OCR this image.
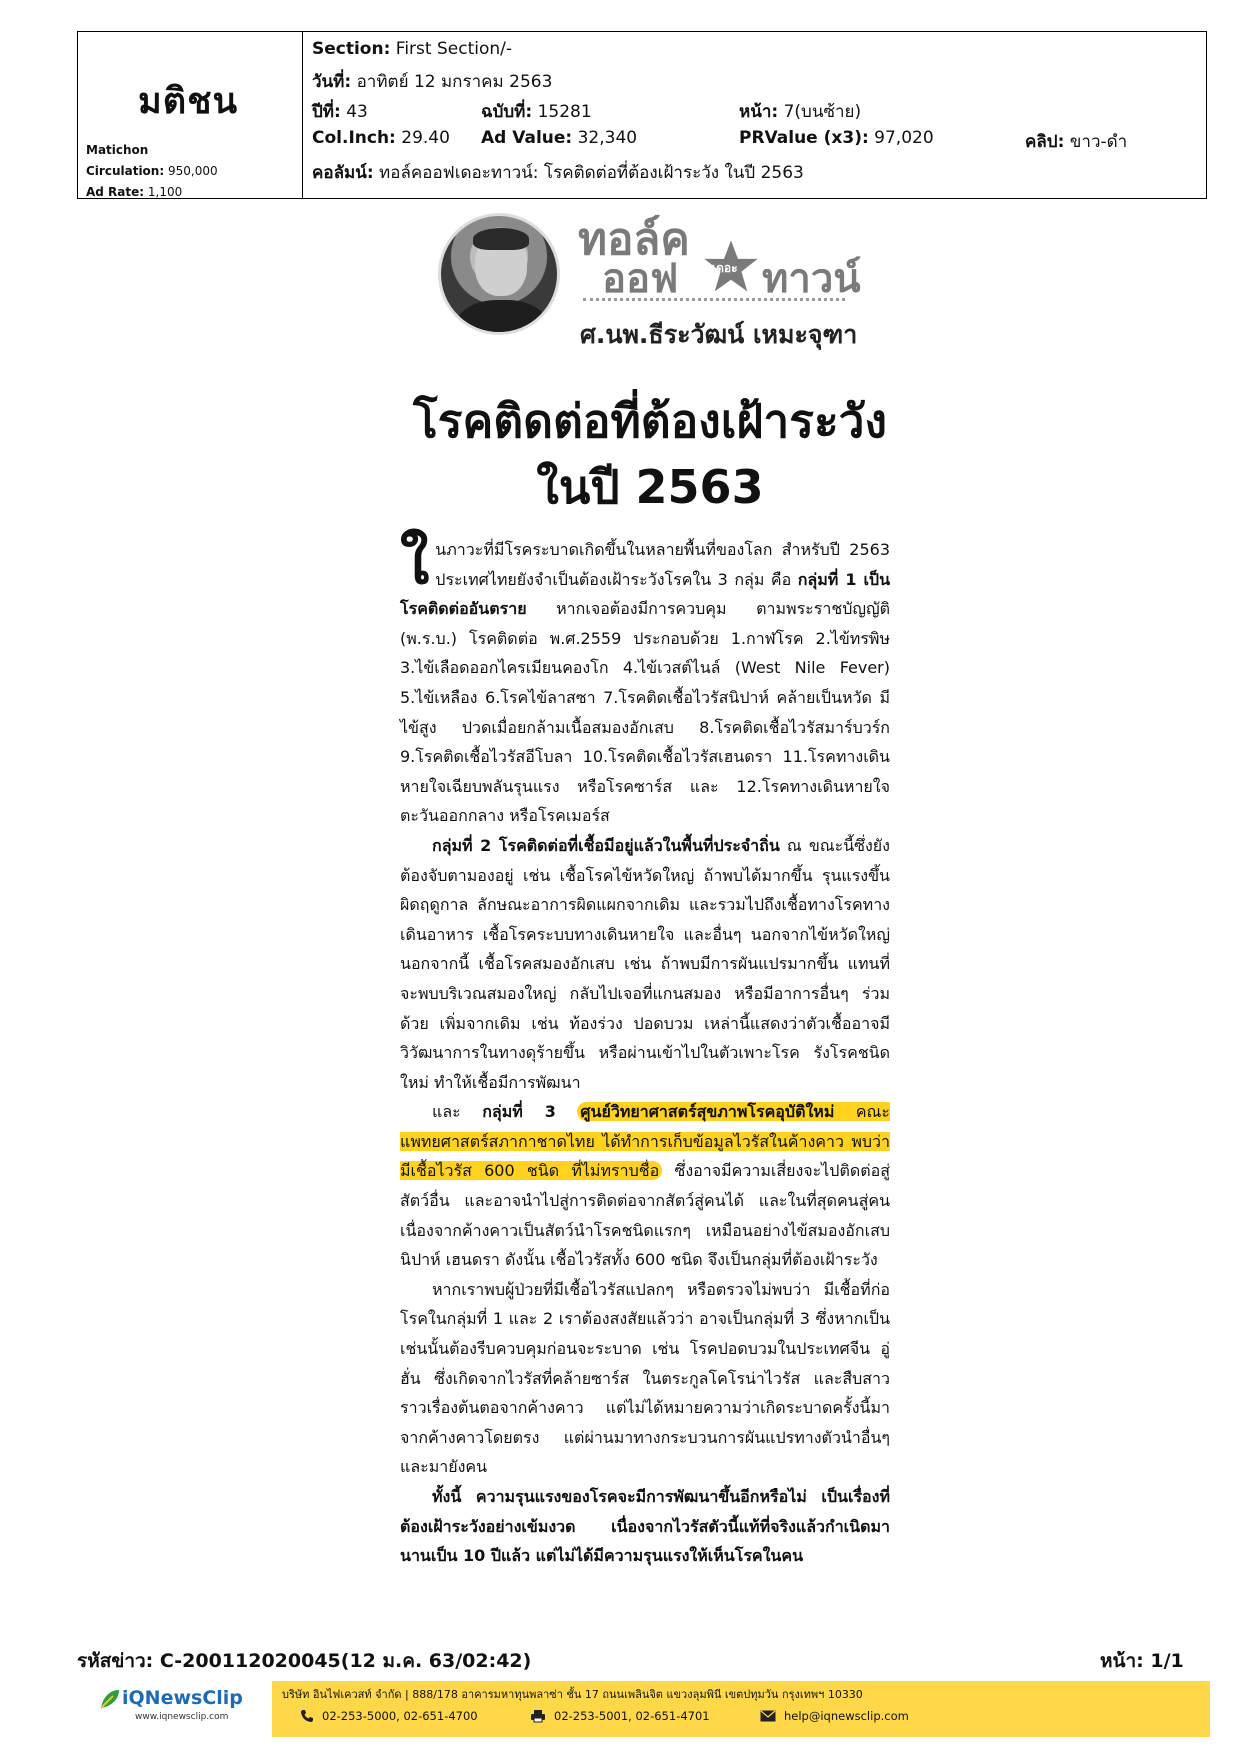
มติชน
Matichon
Circulation: 950,000
Ad Rate: 1,100
Section: First Section/-
วันที่: อาทิตย์ 12 มกราคม 2563
ปีที่: 43	ฉบับที่: 15281	หน้า: 7(บนซ้าย)
Col.Inch: 29.40 Ad Value: 32,340	PRValue (x3): 97,020	คลิป: ขาว-ดำ
คอลัมน์: ทอล์คออฟเดอะทาวน์: โรคติดต่อที่ต้องเฝ้าระวัง ในปี 2563
ทอล์ค
ออฟ	เดอะ ทาวน์
ศ.นพ.ธีระวัฒน์ เหมะจุฑา
โรคติดต่อที่ต้องเฝ้าระวัง
ในปี 2563

ในภาวะที่มีโรคระบาดเกิดขึ้นในหลายพื้นที่ของโลก สำหรับปี 2563 ประเทศไทยยังจำเป็นต้องเฝ้าระวังโรคใน 3 กลุ่ม คือ กลุ่มที่ 1 เป็นโรคติดต่ออันตราย หากเจอต้องมีการควบคุม ตามพระราชบัญญัติ (พ.ร.บ.) โรคติดต่อ พ.ศ.2559 ประกอบด้วย 1.กาฬโรค 2.ไข้ทรพิษ 3.ไข้เลือดออกไครเมียนคองโก 4.ไข้เวสต์ไนล์ (West Nile Fever) 5.ไข้เหลือง 6.โรคไข้ลาสซา 7.โรคติดเชื้อไวรัสนิปาห์ คล้ายเป็นหวัด มีไข้สูง ปวดเมื่อยกล้ามเนื้อสมองอักเสบ 8.โรคติดเชื้อไวรัสมาร์บวร์ก 9.โรคติดเชื้อไวรัสอีโบลา 10.โรคติดเชื้อไวรัสเฮนดรา 11.โรคทางเดินหายใจเฉียบพลันรุนแรง หรือโรคซาร์ส และ 12.โรคทางเดินหายใจตะวันออกกลาง หรือโรคเมอร์ส

กลุ่มที่ 2 โรคติดต่อที่เชื้อมีอยู่แล้วในพื้นที่ประจำถิ่น ณ ขณะนี้ซึ่งยังต้องจับตามองอยู่ เช่น เชื้อโรคไข้หวัดใหญ่ ถ้าพบได้มากขึ้น รุนแรงขึ้น ผิดฤดูกาล ลักษณะอาการผิดแผกจากเดิม และรวมไปถึงเชื้อทางโรคทางเดินอาหาร เชื้อโรคระบบทางเดินหายใจ และอื่นๆ นอกจากไข้หวัดใหญ่ นอกจากนี้ เชื้อโรคสมองอักเสบ เช่น ถ้าพบมีการผันแปรมากขึ้น แทนที่จะพบบริเวณสมองใหญ่ กลับไปเจอที่แกนสมอง หรือมีอาการอื่นๆ ร่วมด้วย เพิ่มจากเดิม เช่น ท้องร่วง ปอดบวม เหล่านี้แสดงว่าตัวเชื้ออาจมีวิวัฒนาการในทางดุร้ายขึ้น หรือผ่านเข้าไปในตัวเพาะโรค รังโรคชนิดใหม่ ทำให้เชื้อมีการพัฒนา

และ กลุ่มที่ 3 ศูนย์วิทยาศาสตร์สุขภาพโรคอุบัติใหม่ คณะแพทยศาสตร์สภากาชาดไทย ได้ทำการเก็บข้อมูลไวรัสในค้างคาว พบว่า มีเชื้อไวรัส 600 ชนิด ที่ไม่ทราบชื่อ ซึ่งอาจมีความเสี่ยงจะไปติดต่อสู่สัตว์อื่น และอาจนำไปสู่การติดต่อจากสัตว์สู่คนได้ และในที่สุดคนสู่คน เนื่องจากค้างคาวเป็นสัตว์นำโรคชนิดแรกๆ เหมือนอย่างไข้สมองอักเสบ นิปาห์ เฮนดรา ดังนั้น เชื้อไวรัสทั้ง 600 ชนิด จึงเป็นกลุ่มที่ต้องเฝ้าระวัง

หากเราพบผู้ป่วยที่มีเชื้อไวรัสแปลกๆ หรือตรวจไม่พบว่า มีเชื้อที่ก่อโรคในกลุ่มที่ 1 และ 2 เราต้องสงสัยแล้วว่า อาจเป็นกลุ่มที่ 3 ซึ่งหากเป็นเช่นนั้นต้องรีบควบคุมก่อนจะระบาด เช่น โรคปอดบวมในประเทศจีน อู่ฮั่น ซึ่งเกิดจากไวรัสที่คล้ายซาร์ส ในตระกูลโคโรน่าไวรัส และสืบสาวราวเรื่องต้นตอจากค้างคาว แต่ไม่ได้หมายความว่าเกิดระบาดครั้งนี้มาจากค้างคาวโดยตรง แต่ผ่านมาทางกระบวนการผันแปรทางตัวนำอื่นๆ และมายังคน

ทั้งนี้ ความรุนแรงของโรคจะมีการพัฒนาขึ้นอีกหรือไม่ เป็นเรื่องที่ต้องเฝ้าระวังอย่างเข้มงวด เนื่องจากไวรัสตัวนี้แท้ที่จริงแล้วกำเนิดมานานเป็น 10 ปีแล้ว แต่ไม่ได้มีความรุนแรงให้เห็นโรคในคน

รหัสข่าว: C-200112020045(12 ม.ค. 63/02:42)	หน้า: 1/1
iQNewsClip
www.iqnewsclip.com
บริษัท อินไฟเควสท์ จำกัด | 888/178 อาคารมหาทุนพลาซ่า ชั้น 17 ถนนเพลินจิต แขวงลุมพินี เขตปทุมวัน กรุงเทพฯ 10330
02-253-5000, 02-651-4700	02-253-5001, 02-651-4701	help@iqnewsclip.com
